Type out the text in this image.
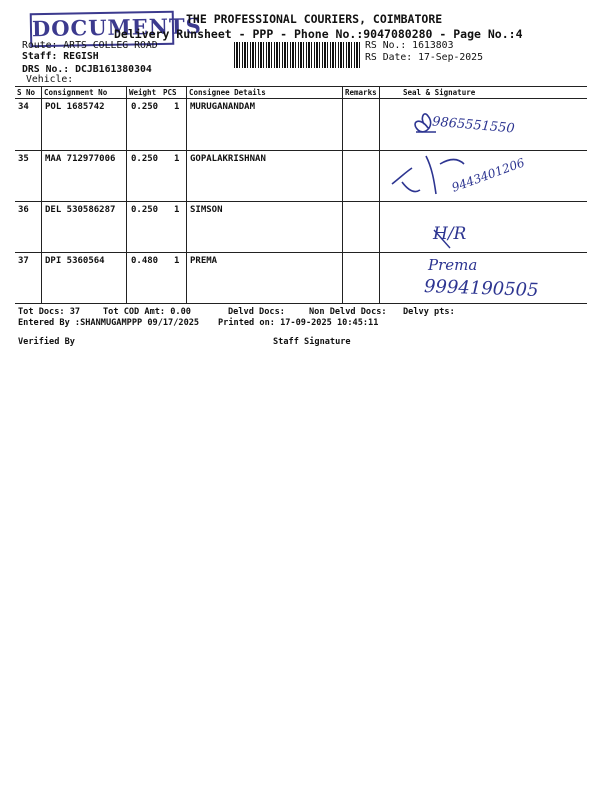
DOCUMENTS
THE PROFESSIONAL COURIERS, COIMBATORE
Delivery Runsheet - PPP - Phone No.:9047080280 - Page No.:4
Route: ARTS COLLEG ROAD
Staff: REGISH
DRS No.: DCJB161380304
Vehicle:
RS No.: 1613803
RS Date: 17-Sep-2025
S No Consignment No	Weight PCS Consignee Details	Remarks	Seal & Signature
34 POL 1685742	0.250 1 MURUGANANDAM
35 MAA 712977006 0.250 1 GOPALAKRISHNAN
36 DEL 530586287 0.250 1 SIMSON
37 DPI 5360564	0.480 1 PREMA
9865551550
9443401206
H/R
Prema
9994190505
Tot Docs: 37	Tot COD Amt: 0.00	Delvd Docs:	Non Delvd Docs: Delvy pts:
Entered By :SHANMUGAMPPP 09/17/2025 Printed on: 17-09-2025 10:45:11
Verified By	Staff Signature
